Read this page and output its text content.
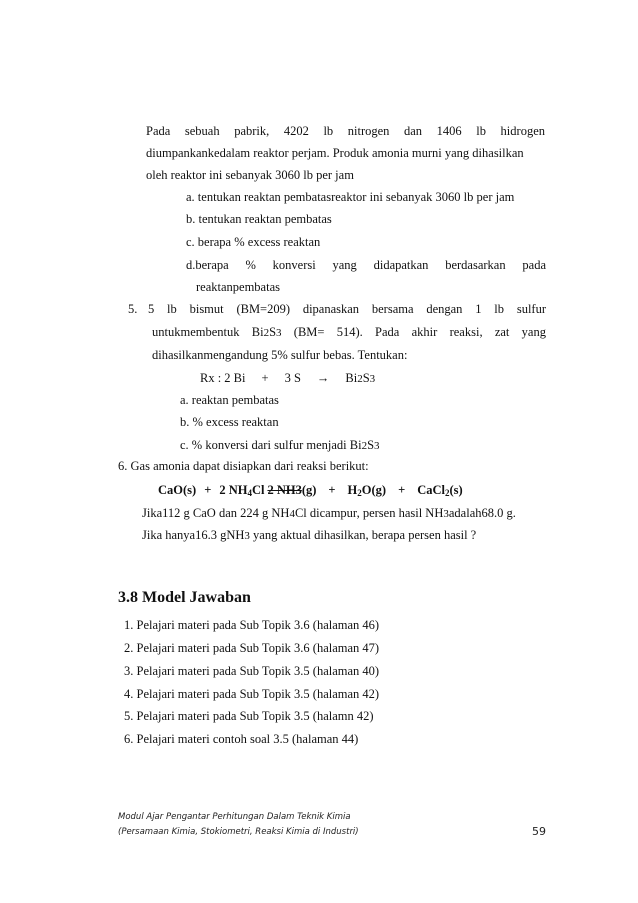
Pada sebuah pabrik, 4202 lb nitrogen dan 1406 lb hidrogen
diumpankankedalam reaktor perjam. Produk amonia murni yang dihasilkan
oleh reaktor ini sebanyak 3060 lb per jam
a. tentukan reaktan pembatasreaktor ini sebanyak 3060 lb per jam
b. tentukan reaktan pembatas
c. berapa % excess reaktan
d.berapa % konversi yang didapatkan berdasarkan pada
reaktanpembatas
5. 5 lb bismut (BM=209) dipanaskan bersama dengan 1 lb sulfur
untukmembentuk Bi2S3 (BM= 514). Pada akhir reaksi, zat yang
dihasilkanmengandung 5% sulfur bebas. Tentukan:
Rx : 2 Bi + 3 S → Bi2S3
a. reaktan pembatas
b. % excess reaktan
c. % konversi dari sulfur menjadi Bi2S3
6. Gas amonia dapat disiapkan dari reaksi berikut:
CaO(s) + 2 $NH_4Cl$ 2 $NH3(g) + H_2O(g)$ + CaCl$_2$(s)
Jika112 g CaO dan 224 g NH4Cl dicampur, persen hasil NH3adalah68.0 g.
Jika hanya16.3 gNH3 yang aktual dihasilkan, berapa persen hasil ?
3.8 Model Jawaban
1. Pelajari materi pada Sub Topik 3.6 (halaman 46)
2. Pelajari materi pada Sub Topik 3.6 (halaman 47)
3. Pelajari materi pada Sub Topik 3.5 (halaman 40)
4. Pelajari materi pada Sub Topik 3.5 (halaman 42)
5. Pelajari materi pada Sub Topik 3.5 (halamn 42)
6. Pelajari materi contoh soal 3.5 (halaman 44)
Modul Ajar Pengantar Perhitungan Dalam Teknik Kimia
(Persamaan Kimia, Stokiometri, Reaksi Kimia di Industri)	59
